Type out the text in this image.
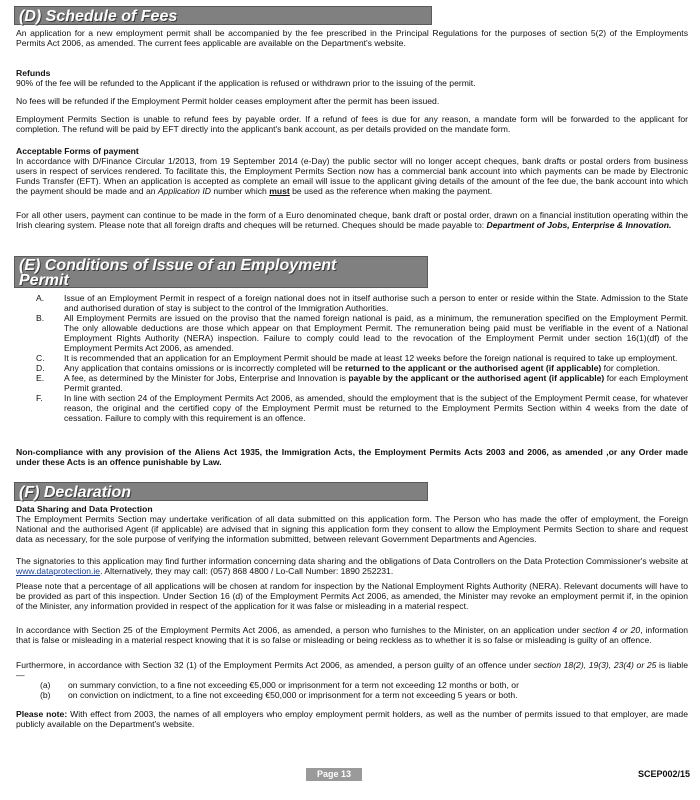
(D) Schedule of Fees

An application for a new employment permit shall be accompanied by the fee prescribed in the Principal Regulations for the purposes of section 5(2) of the Employments Permits Act 2006, as amended. The current fees applicable are available on the Department's website.

Refunds

90% of the fee will be refunded to the Applicant if the application is refused or withdrawn prior to the issuing of the permit.

No fees will be refunded if the Employment Permit holder ceases employment after the permit has been issued.

Employment Permits Section is unable to refund fees by payable order. If a refund of fees is due for any reason, a mandate form will be forwarded to the applicant for completion. The refund will be paid by EFT directly into the applicant's bank account, as per details provided on the mandate form.

Acceptable Forms of payment

In accordance with D/Finance Circular 1/2013, from 19 September 2014 (e-Day) the public sector will no longer accept cheques, bank drafts or postal orders from business users in respect of services rendered. To facilitate this, the Employment Permits Section now has a commercial bank account into which payments can be made by Electronic Funds Transfer (EFT). When an application is accepted as complete an email will issue to the applicant giving details of the amount of the fee due, the bank account into which the payment should be made and an Application ID number which must be used as the reference when making the payment.

For all other users, payment can continue to be made in the form of a Euro denominated cheque, bank draft or postal order, drawn on a financial institution operating within the Irish clearing system. Please note that all foreign drafts and cheques will be returned. Cheques should be made payable to: Department of Jobs, Enterprise & Innovation.

(E) Conditions of Issue of an Employment
Permit
A. Issue of an Employment Permit in respect of a foreign national does not in itself authorise such a person to enter or reside within the State. Admission to the State and authorised duration of stay is subject to the control of the Immigration Authorities.
B. All Employment Permits are issued on the proviso that the named foreign national is paid, as a minimum, the remuneration specified on the Employment Permit. The only allowable deductions are those which appear on that Employment Permit. The remuneration being paid must be verifiable in the event of a National Employment Rights Authority (NERA) inspection. Failure to comply could lead to the revocation of the Employment Permit under section 16(1)(df) of the Employment Permits Act 2006, as amended.
C. It is recommended that an application for an Employment Permit should be made at least 12 weeks before the foreign national is required to take up employment.
D. Any application that contains omissions or is incorrectly completed will be returned to the applicant or the authorised agent (if applicable) for completion.
E. A fee, as determined by the Minister for Jobs, Enterprise and Innovation is payable by the applicant or the authorised agent (if applicable) for each Employment Permit granted.
F. In line with section 24 of the Employment Permits Act 2006, as amended, should the employment that is the subject of the Employment Permit cease, for whatever reason, the original and the certified copy of the Employment Permit must be returned to the Employment Permits Section within 4 weeks from the date of cessation. Failure to comply with this requirement is an offence.

Non-compliance with any provision of the Aliens Act 1935, the Immigration Acts, the Employment Permits Acts 2003 and 2006, as amended ,or any Order made under these Acts is an offence punishable by Law.

(F) Declaration
Data Sharing and Data Protection

The Employment Permits Section may undertake verification of all data submitted on this application form. The Person who has made the offer of employment, the Foreign National and the authorised Agent (if applicable) are advised that in signing this application form they consent to allow the Employment Permits Section to share and request data as necessary, for the sole purpose of verifying the information submitted, between relevant Government Departments and Agencies.

The signatories to this application may find further information concerning data sharing and the obligations of Data Controllers on the Data Protection Commissioner's website at www.dataprotection.ie. Alternatively, they may call: (057) 868 4800 / Lo-Call Number: 1890 252231.

Please note that a percentage of all applications will be chosen at random for inspection by the National Employment Rights Authority (NERA). Relevant documents will have to be provided as part of this inspection. Under Section 16 (d) of the Employment Permits Act 2006, as amended, the Minister may revoke an employment permit if, in the opinion of the Minister, any information provided in respect of the application for it was false or misleading in a material respect.

In accordance with Section 25 of the Employment Permits Act 2006, as amended, a person who furnishes to the Minister, on an application under section 4 or 20, information that is false or misleading in a material respect knowing that it is so false or misleading or being reckless as to whether it is so false or misleading is guilty of an offence.

Furthermore, in accordance with Section 32 (1) of the Employment Permits Act 2006, as amended, a person guilty of an offence under section 18(2), 19(3), 23(4) or 25 is liable—

(a) on summary conviction, to a fine not exceeding €5,000 or imprisonment for a term not exceeding 12 months or both, or
(b) on conviction on indictment, to a fine not exceeding €50,000 or imprisonment for a term not exceeding 5 years or both.

Please note: With effect from 2003, the names of all employers who employ employment permit holders, as well as the number of permits issued to that employer, are made publicly available on the Department's website.

Page 13	SCEP002/15
